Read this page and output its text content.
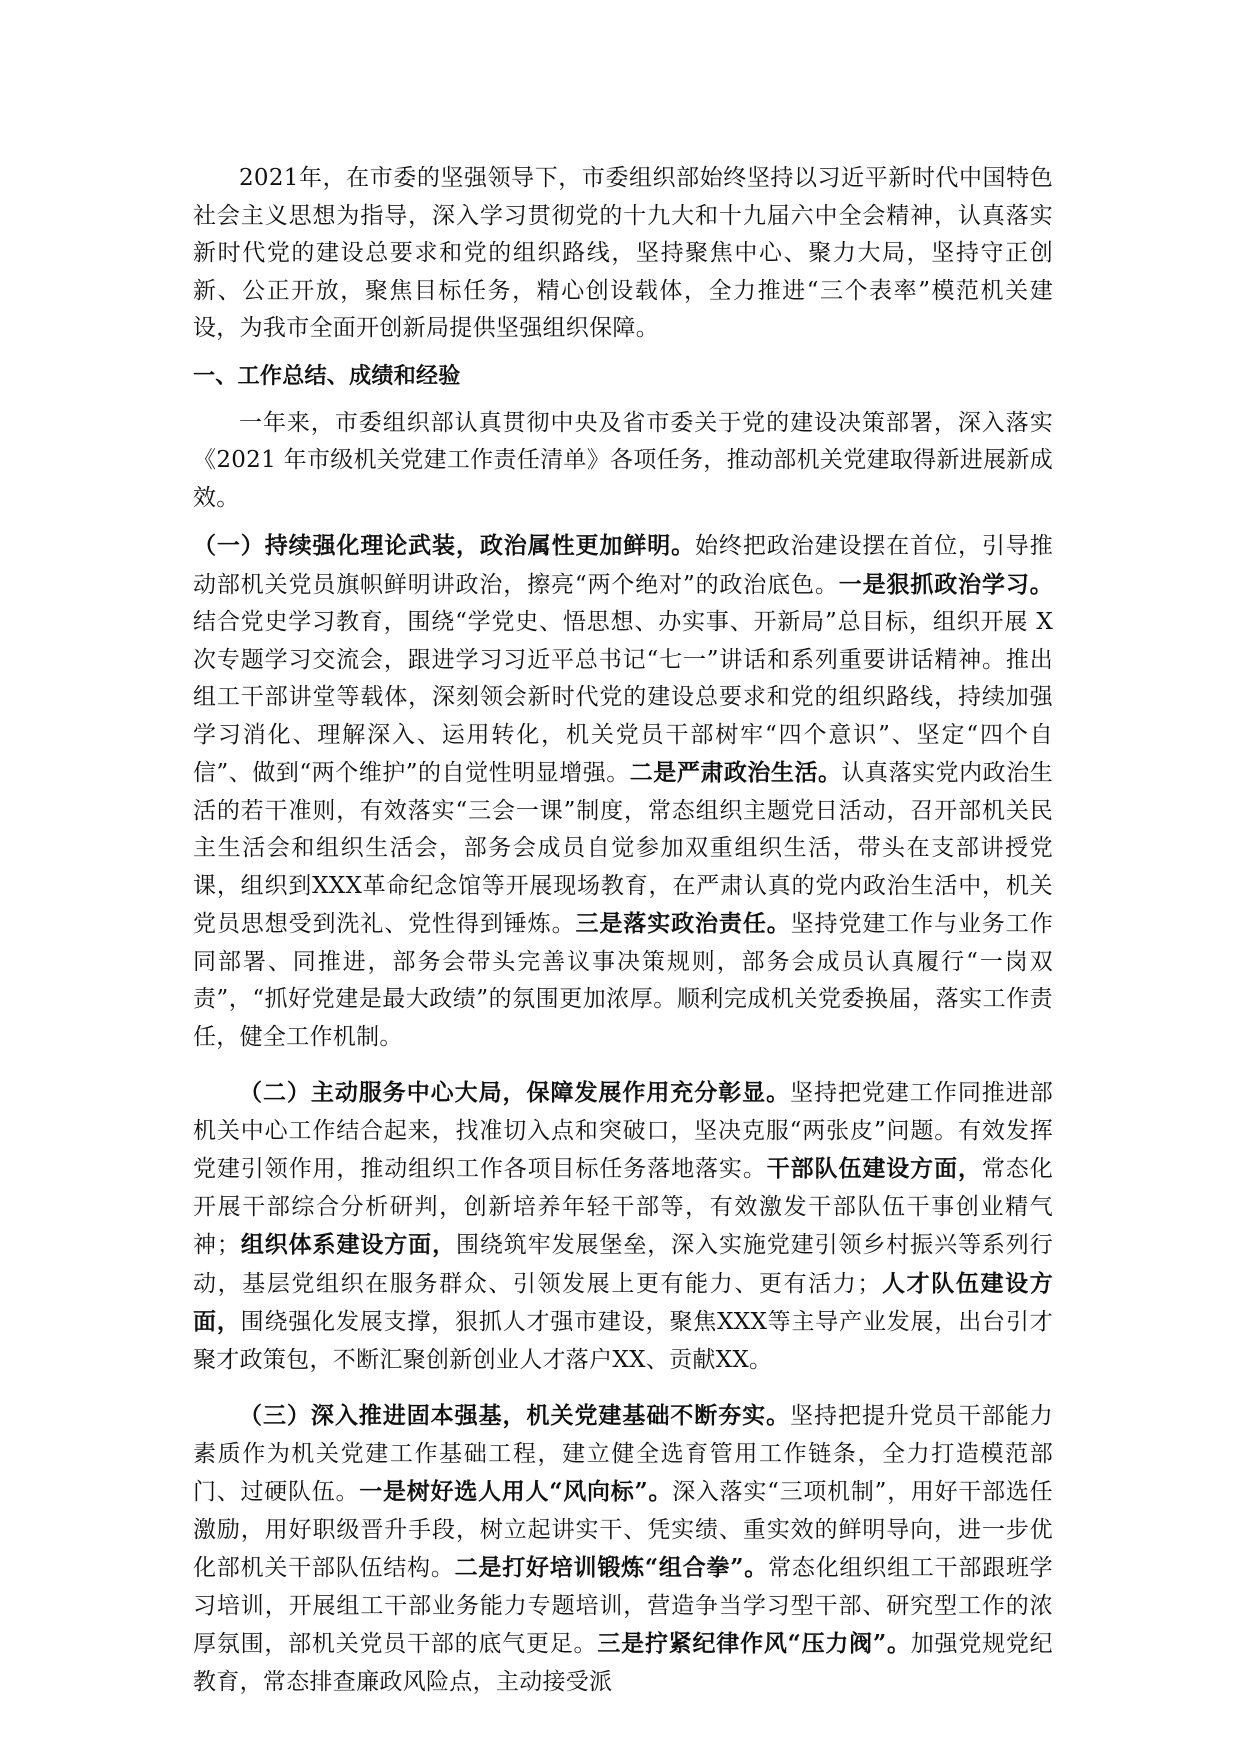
2021年，在市委的坚强领导下，市委组织部始终坚持以习近平新时代中国特色社会主义思想为指导，深入学习贯彻党的十九大和十九届六中全会精神，认真落实新时代党的建设总要求和党的组织路线，坚持聚焦中心、聚力大局，坚持守正创新、公正开放，聚焦目标任务，精心创设载体，全力推进“三个表率”模范机关建设，为我市全面开创新局提供坚强组织保障。

一、工作总结、成绩和经验

一年来，市委组织部认真贯彻中央及省市委关于党的建设决策部署，深入落实《2021 年市级机关党建工作责任清单》各项任务，推动部机关党建取得新进展新成效。

（一）持续强化理论武装，政治属性更加鲜明。始终把政治建设摆在首位，引导推动部机关党员旗帜鲜明讲政治，擦亮“两个绝对”的政治底色。一是狠抓政治学习。结合党史学习教育，围绕“学党史、悟思想、办实事、开新局”总目标，组织开展 X次专题学习交流会，跟进学习习近平总书记“七一”讲话和系列重要讲话精神。推出组工干部讲堂等载体，深刻领会新时代党的建设总要求和党的组织路线，持续加强学习消化、理解深入、运用转化，机关党员干部树牢“四个意识”、坚定“四个自信”、做到“两个维护”的自觉性明显增强。二是严肃政治生活。认真落实党内政治生活的若干准则，有效落实“三会一课”制度，常态组织主题党日活动，召开部机关民主生活会和组织生活会，部务会成员自觉参加双重组织生活，带头在支部讲授党课，组织到XXX革命纪念馆等开展现场教育，在严肃认真的党内政治生活中，机关党员思想受到洗礼、党性得到锤炼。三是落实政治责任。坚持党建工作与业务工作同部署、同推进，部务会带头完善议事决策规则，部务会成员认真履行“一岗双责”，“抓好党建是最大政绩”的氛围更加浓厚。顺利完成机关党委换届，落实工作责任，健全工作机制。

（二）主动服务中心大局，保障发展作用充分彰显。坚持把党建工作同推进部机关中心工作结合起来，找准切入点和突破口，坚决克服“两张皮”问题。有效发挥党建引领作用，推动组织工作各项目标任务落地落实。干部队伍建设方面，常态化开展干部综合分析研判，创新培养年轻干部等，有效激发干部队伍干事创业精气神；组织体系建设方面，围绕筑牢发展堡垒，深入实施党建引领乡村振兴等系列行动，基层党组织在服务群众、引领发展上更有能力、更有活力；人才队伍建设方面，围绕强化发展支撑，狠抓人才强市建设，聚焦XXX等主导产业发展，出台引才聚才政策包，不断汇聚创新创业人才落户XX、贡献XX。

（三）深入推进固本强基，机关党建基础不断夯实。坚持把提升党员干部能力素质作为机关党建工作基础工程，建立健全选育管用工作链条，全力打造模范部门、过硬队伍。一是树好选人用人“风向标”。深入落实“三项机制”，用好干部选任激励，用好职级晋升手段，树立起讲实干、凭实绩、重实效的鲜明导向，进一步优化部机关干部队伍结构。二是打好培训锻炼“组合拳”。常态化组织组工干部跟班学习培训，开展组工干部业务能力专题培训，营造争当学习型干部、研究型工作的浓厚氛围，部机关党员干部的底气更足。三是拧紧纪律作风“压力阀”。加强党规党纪教育，常态排查廉政风险点，主动接受派
